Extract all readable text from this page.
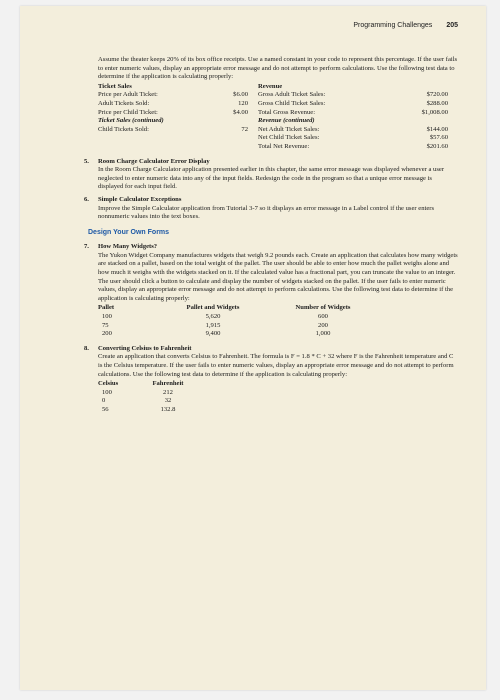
Programming Challenges 205

Assume the theater keeps 20% of its box office receipts. Use a named constant in your code to represent this percentage. If the user fails to enter numeric values, display an appropriate error message and do not attempt to perform calculations. Use the following test data to determine if the application is calculating properly:

Ticket Sales
Price per Adult Ticket:	$6.00
Adult Tickets Sold:	120
Price per Child Ticket:	$4.00
Ticket Sales (continued)
Child Tickets Sold:	72
Revenue
Gross Adult Ticket Sales:	$720.00
Gross Child Ticket Sales:	$288.00
Total Gross Revenue:	$1,008.00
Revenue (continued)
Net Adult Ticket Sales:	$144.00
Net Child Ticket Sales:	$57.60
Total Net Revenue:	$201.60
5. Room Charge Calculator Error Display

In the Room Charge Calculator application presented earlier in this chapter, the same error message was displayed whenever a user neglected to enter numeric data into any of the input fields. Redesign the code in the program so that a unique error message is displayed for each input field.

6. Simple Calculator Exceptions

Improve the Simple Calculator application from Tutorial 3-7 so it displays an error message in a Label control if the user enters nonnumeric values into the text boxes.

Design Your Own Forms
7. How Many Widgets?

The Yukon Widget Company manufactures widgets that weigh 9.2 pounds each. Create an application that calculates how many widgets are stacked on a pallet, based on the total weight of the pallet. The user should be able to enter how much the pallet weighs alone and how much it weighs with the widgets stacked on it. If the calculated value has a fractional part, you can truncate the value to an integer. The user should click a button to calculate and display the number of widgets stacked on the pallet. If the user fails to enter numeric values, display an appropriate error message and do not attempt to perform calculations. Use the following test data to determine if the application is calculating properly:

Pallet	Pallet and Widgets	Number of Widgets
100	5,620	600
75	1,915	200
200	9,400	1,000
8. Converting Celsius to Fahrenheit

Create an application that converts Celsius to Fahrenheit. The formula is F = 1.8 * C + 32 where F is the Fahrenheit temperature and C is the Celsius temperature. If the user fails to enter numeric values, display an appropriate error message and do not attempt to perform calculations. Use the following test data to determine if the application is calculating properly:

Celsius	Fahrenheit
100	212
0	32
56	132.8
